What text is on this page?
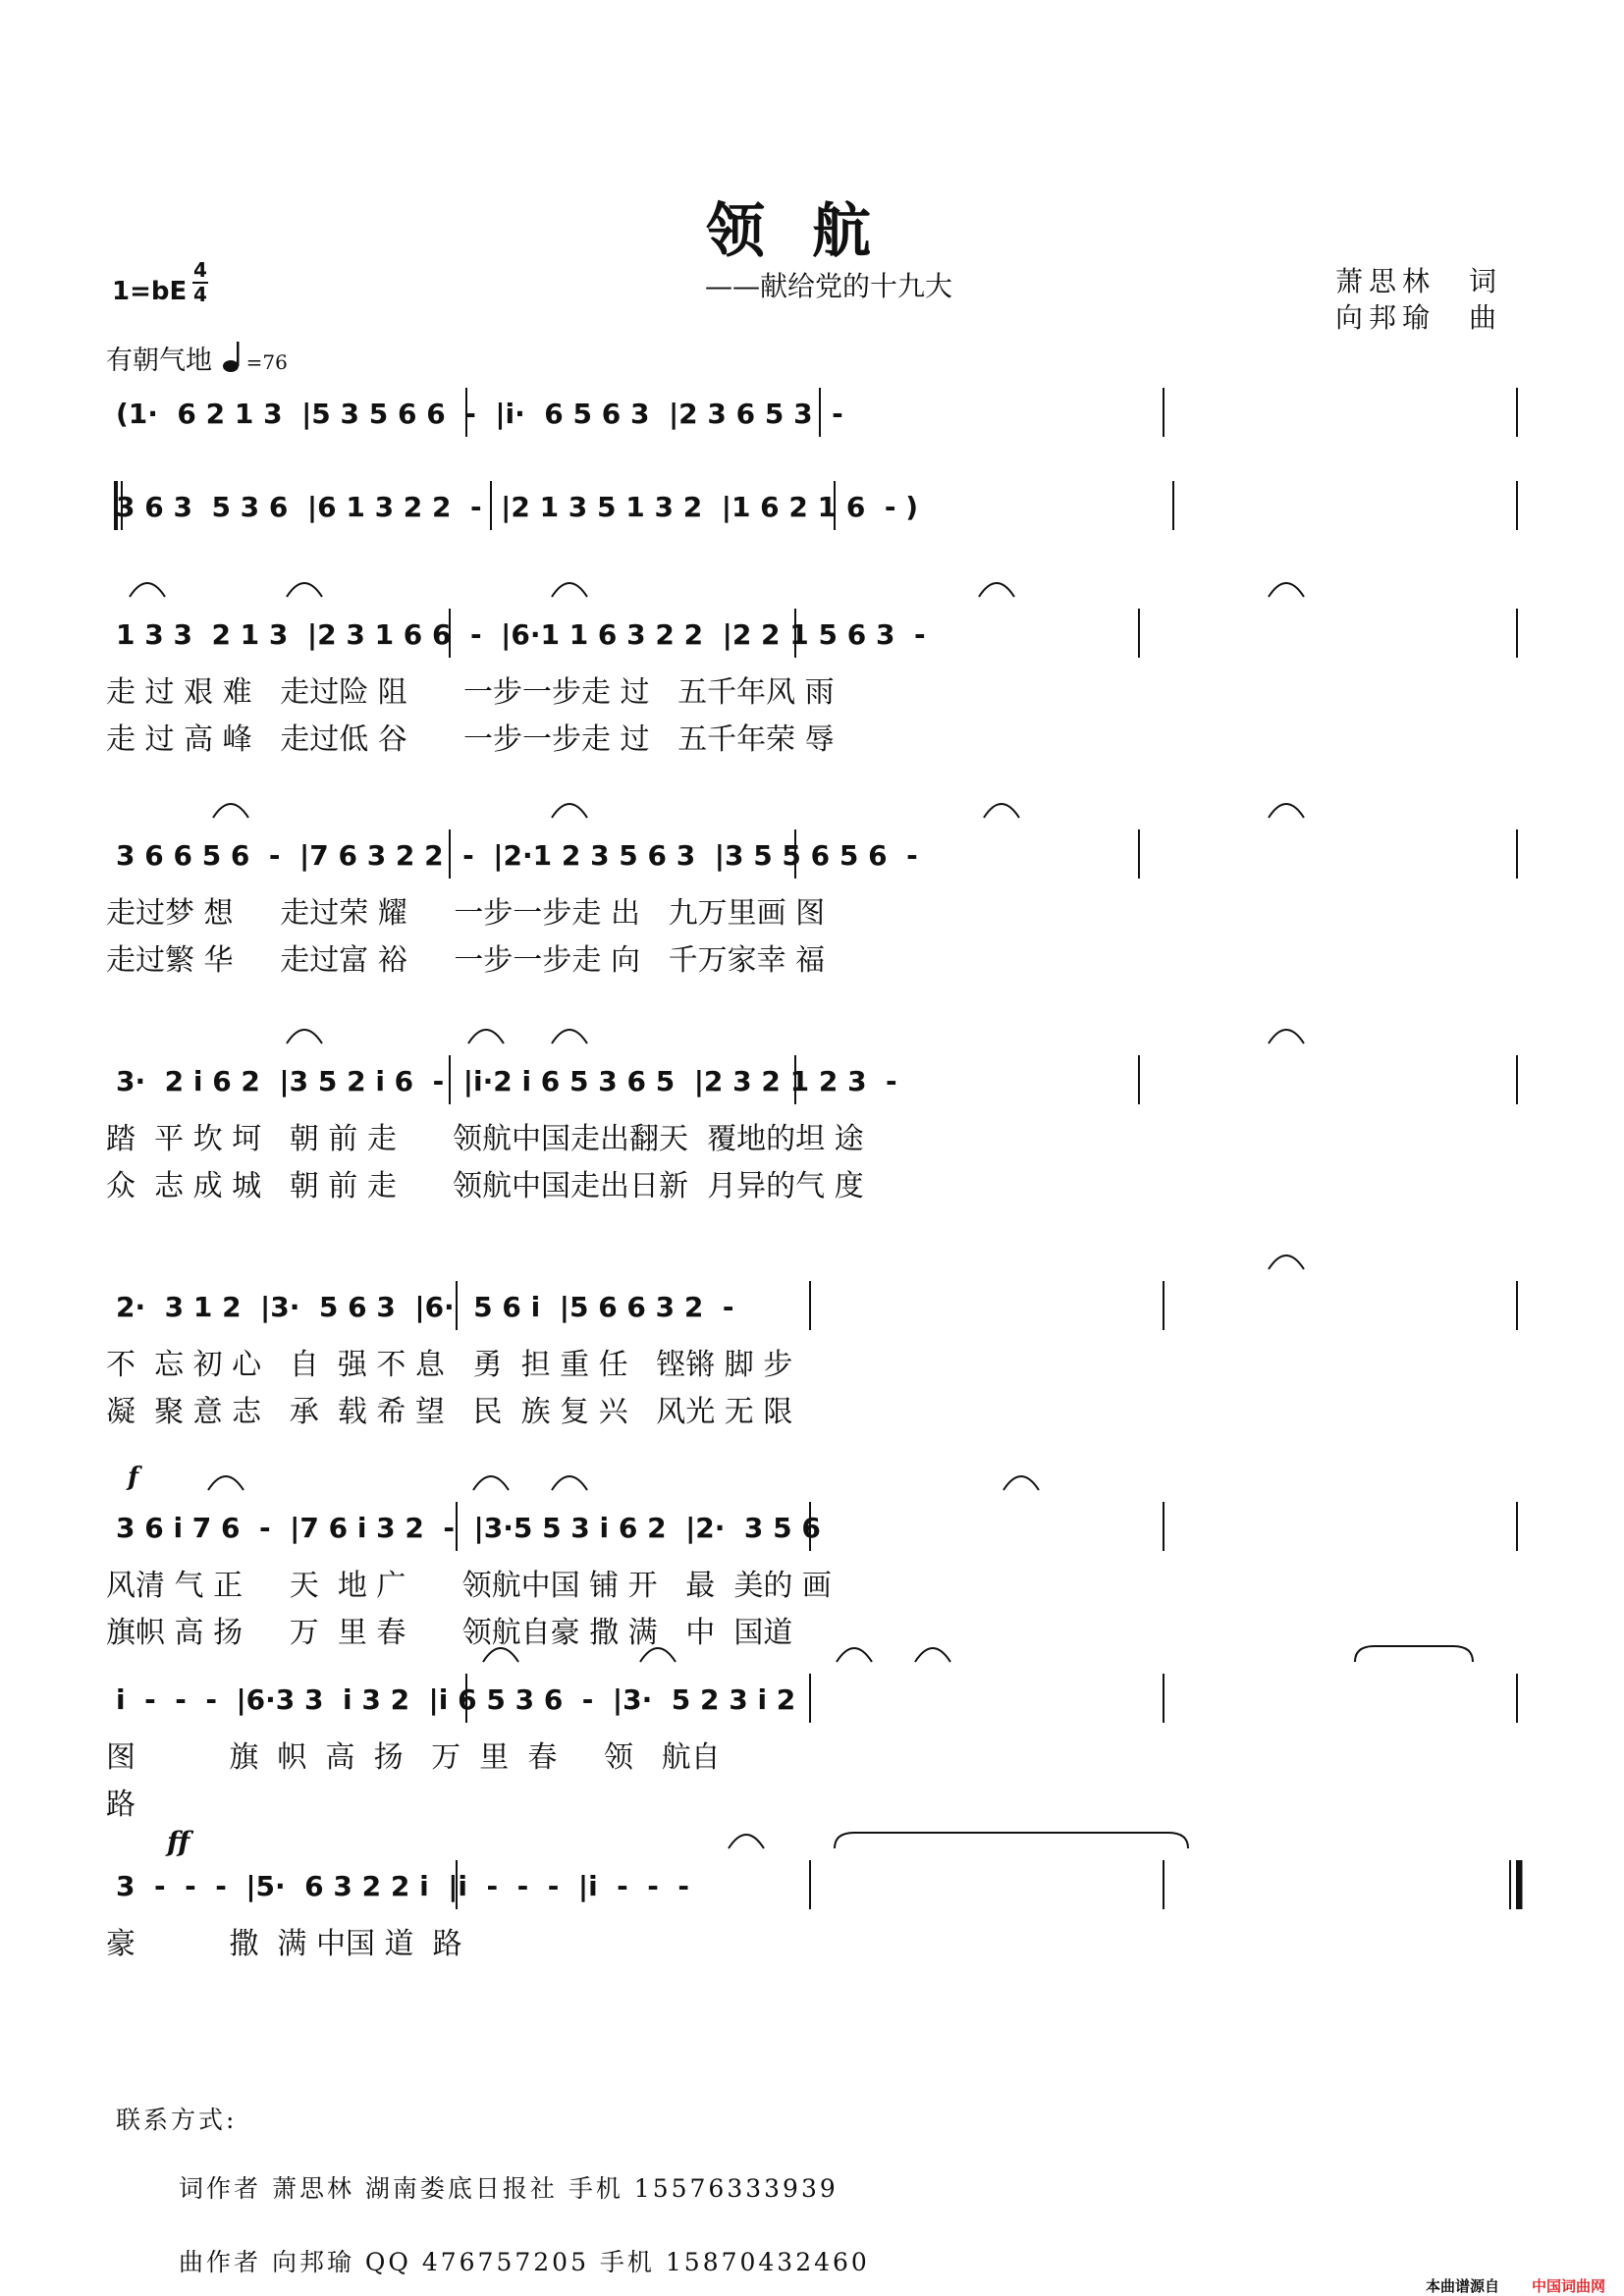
领航
——献给党的十九大	萧思林　词
向邦瑜　曲
1=bE
4
4
有朝气地 =76
(1·  6 2 1 3  |5 3 5 6 6  -  |i·  6 5 6 3  |2 3 6 5 3  -
3 6 3  5 3 6  |6 1 3 2 2  -  |2 1 3 5 1 3 2  |1 6 2 1 6  - )
1 3 3  2 1 3  |2 3 1 6 6  -  |6·1 1 6 3 2 2  |2 2 1 5 6 3  -
走 过 艰 难   走过险 阻      一步一步走 过   五千年风 雨
走 过 高 峰   走过低 谷      一步一步走 过   五千年荣 辱
3 6 6 5 6  -  |7 6 3 2 2  -  |2·1 2 3 5 6 3  |3 5 5 6 5 6  -
走过梦 想     走过荣 耀     一步一步走 出   九万里画 图
走过繁 华     走过富 裕     一步一步走 向   千万家幸 福
3·  2 i 6 2  |3 5 2 i 6  -  |i·2 i 6 5 3 6 5  |2 3 2 1 2 3  -
踏  平 坎 坷   朝 前 走      领航中国走出翻天  覆地的坦 途
众  志 成 城   朝 前 走      领航中国走出日新  月异的气 度
2·  3 1 2  |3·  5 6 3  |6·  5 6 i  |5 6 6 3 2  -
不  忘 初 心   自  强 不 息   勇  担 重 任   铿锵 脚 步
凝  聚 意 志   承  载 希 望   民  族 复 兴   风光 无 限
3 6 i 7 6  -  |7 6 i 3 2  -  |3·5 5 3 i 6 2  |2·  3 5 6
风清 气 正     天  地 广      领航中国 铺 开   最  美的 画
旗帜 高 扬     万  里 春      领航自豪 撒 满   中  国道
i  -  -  -  |6·3 3  i 3 2  |i 6 5 3 6  -  |3·  5 2 3 i 2
图          旗  帜  高  扬   万  里  春     领   航自
路
3  -  -  -  |5·  6 3 2 2 i  |i  -  -  -  |i  -  -  -
豪          撒  满 中国 道  路
f
ff
联系方式:
词作者 萧思林 湖南娄底日报社 手机 15576333939
曲作者 向邦瑜 QQ 476757205 手机 15870432460
本曲谱源自 中国词曲网
